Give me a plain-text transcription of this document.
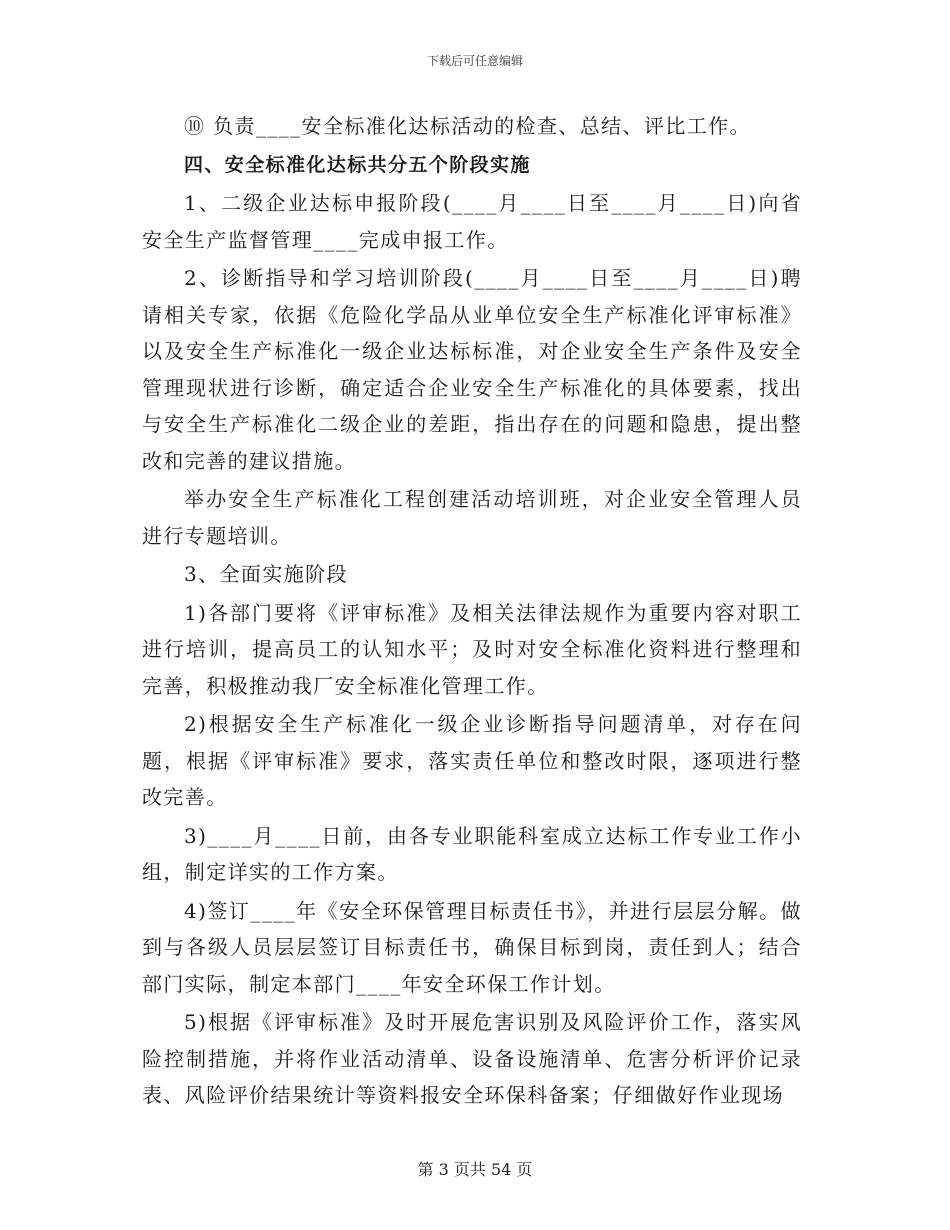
下载后可任意编辑

⑩ 负责____安全标准化达标活动的检查、总结、评比工作。

四、安全标准化达标共分五个阶段实施

1、二级企业达标申报阶段(____月____日至____月____日)向省安全生产监督管理____完成申报工作。

2、诊断指导和学习培训阶段(____月____日至____月____日)聘请相关专家，依据《危险化学品从业单位安全生产标准化评审标准》以及安全生产标准化一级企业达标标准，对企业安全生产条件及安全管理现状进行诊断，确定适合企业安全生产标准化的具体要素，找出与安全生产标准化二级企业的差距，指出存在的问题和隐患，提出整改和完善的建议措施。

举办安全生产标准化工程创建活动培训班，对企业安全管理人员进行专题培训。

3、全面实施阶段

1)各部门要将《评审标准》及相关法律法规作为重要内容对职工进行培训，提高员工的认知水平；及时对安全标准化资料进行整理和完善，积极推动我厂安全标准化管理工作。

2)根据安全生产标准化一级企业诊断指导问题清单，对存在问题，根据《评审标准》要求，落实责任单位和整改时限，逐项进行整改完善。

3)____月____日前，由各专业职能科室成立达标工作专业工作小组，制定详实的工作方案。

4)签订____年《安全环保管理目标责任书》，并进行层层分解。做到与各级人员层层签订目标责任书，确保目标到岗，责任到人；结合部门实际，制定本部门____年安全环保工作计划。

5)根据《评审标准》及时开展危害识别及风险评价工作，落实风险控制措施，并将作业活动清单、设备设施清单、危害分析评价记录表、风险评价结果统计等资料报安全环保科备案；仔细做好作业现场

第 3 页共 54 页
